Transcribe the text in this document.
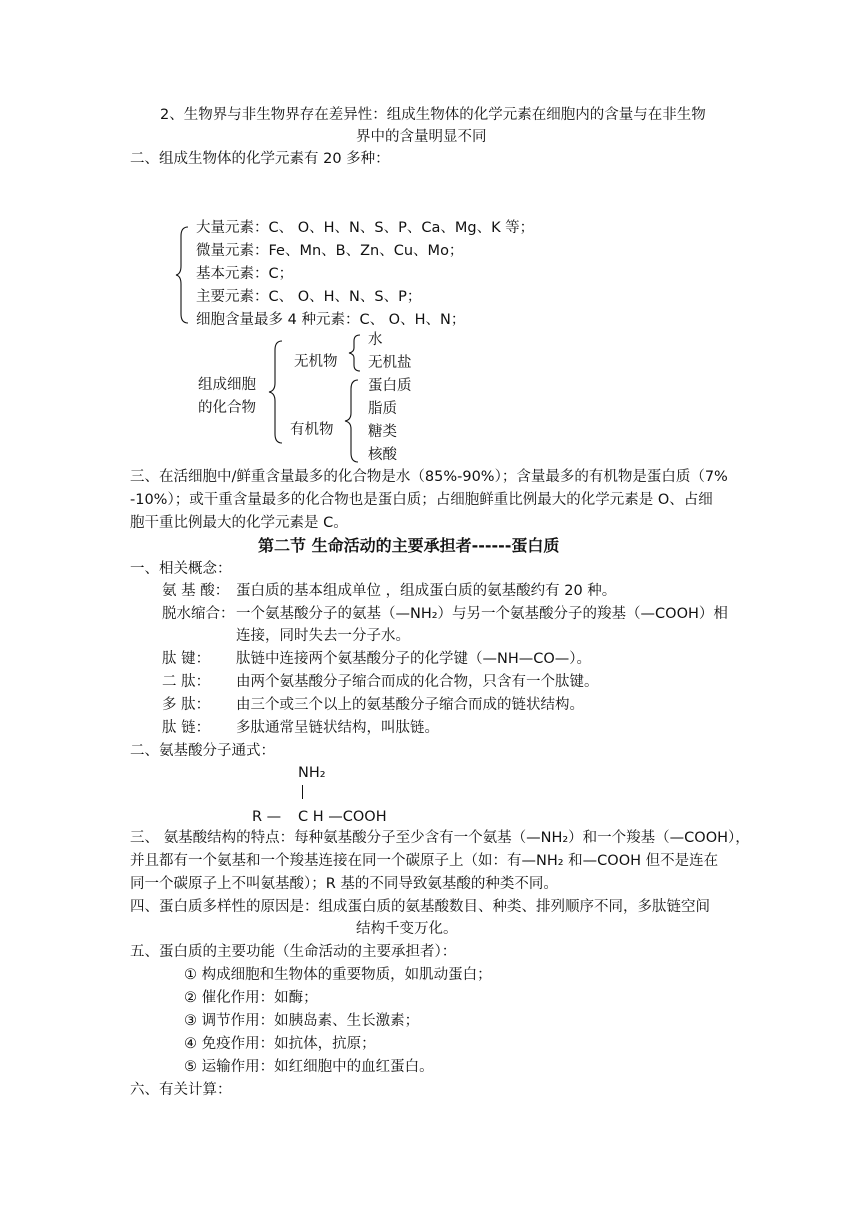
2、生物界与非生物界存在差异性：组成生物体的化学元素在细胞内的含量与在非生物
界中的含量明显不同
二、组成生物体的化学元素有 20 多种：
大量元素：C、 O、H、N、S、P、Ca、Mg、K 等；
微量元素：Fe、Mn、B、Zn、Cu、Mo；
基本元素：C；
主要元素：C、 O、H、N、S、P；
细胞含量最多 4 种元素：C、 O、H、N；
组成细胞
的化合物
无机物
水
无机盐
有机物
蛋白质
脂质
糖类
核酸
三、在活细胞中/鲜重含量最多的化合物是水（85%-90%）；含量最多的有机物是蛋白质（7%
-10%）；或干重含量最多的化合物也是蛋白质；占细胞鲜重比例最大的化学元素是 O、占细
胞干重比例最大的化学元素是 C。
第二节 生命活动的主要承担者------蛋白质
一、相关概念：
氨 基 酸： 蛋白质的基本组成单位 ，组成蛋白质的氨基酸约有 20 种。
脱水缩合： 一个氨基酸分子的氨基（—NH₂）与另一个氨基酸分子的羧基（—COOH）相
连接，同时失去一分子水。
肽 键： 肽链中连接两个氨基酸分子的化学键（—NH—CO—）。
二 肽： 由两个氨基酸分子缩合而成的化合物，只含有一个肽键。
多 肽： 由三个或三个以上的氨基酸分子缩合而成的链状结构。
肽 链： 多肽通常呈链状结构，叫肽链。
二、氨基酸分子通式：
NH₂
R — C H —COOH
三、 氨基酸结构的特点：每种氨基酸分子至少含有一个氨基（—NH₂）和一个羧基（—COOH），
并且都有一个氨基和一个羧基连接在同一个碳原子上（如：有—NH₂ 和—COOH 但不是连在
同一个碳原子上不叫氨基酸）；R 基的不同导致氨基酸的种类不同。
四、蛋白质多样性的原因是：组成蛋白质的氨基酸数目、种类、排列顺序不同，多肽链空间
结构千变万化。
五、蛋白质的主要功能（生命活动的主要承担者）：
① 构成细胞和生物体的重要物质，如肌动蛋白；
② 催化作用：如酶；
③ 调节作用：如胰岛素、生长激素；
④ 免疫作用：如抗体，抗原；
⑤ 运输作用：如红细胞中的血红蛋白。
六、有关计算：
